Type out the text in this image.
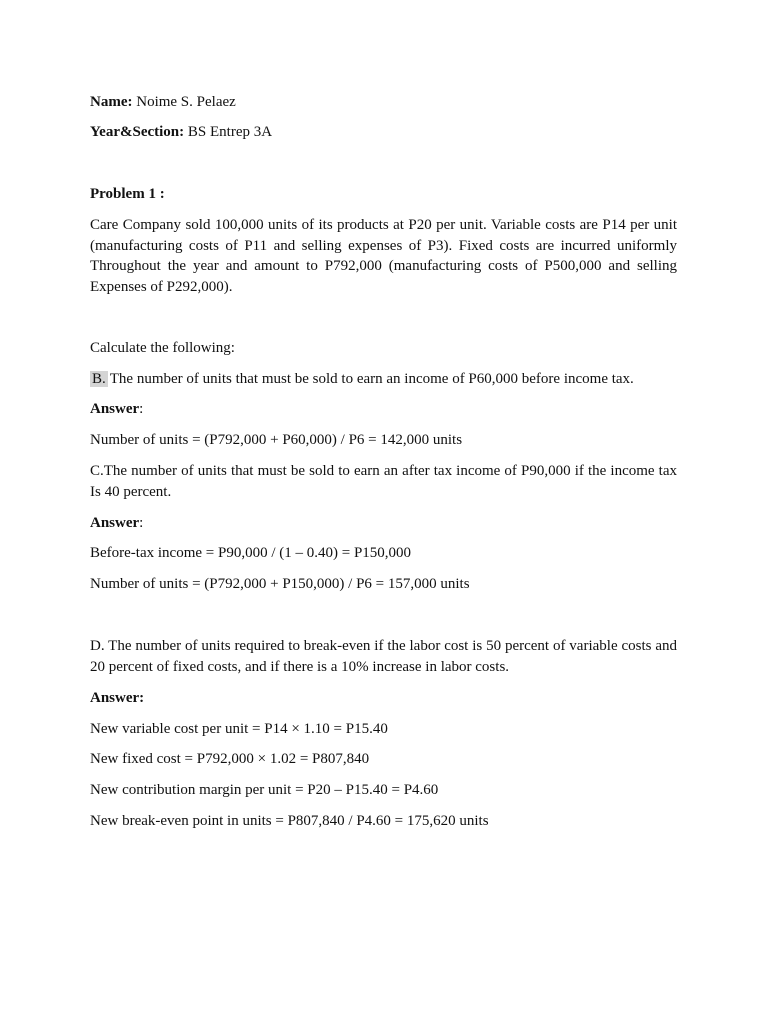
Name: Noime S. Pelaez
Year&Section: BS Entrep 3A
Problem 1 :
Care Company sold 100,000 units of its products at P20 per unit. Variable costs are P14 per unit
(manufacturing costs of P11 and selling expenses of P3). Fixed costs are incurred uniformly
Throughout the year and amount to P792,000 (manufacturing costs of P500,000 and selling
Expenses of P292,000).
Calculate the following:
B. The number of units that must be sold to earn an income of P60,000 before income tax.
Answer:
Number of units = (P792,000 + P60,000) / P6 = 142,000 units
C.The number of units that must be sold to earn an after tax income of P90,000 if the income tax
Is 40 percent.
Answer:
Before-tax income = P90,000 / (1 – 0.40) = P150,000
Number of units = (P792,000 + P150,000) / P6 = 157,000 units
D. The number of units required to break-even if the labor cost is 50 percent of variable costs and
20 percent of fixed costs, and if there is a 10% increase in labor costs.
Answer:
New variable cost per unit = P14 × 1.10 = P15.40
New fixed cost = P792,000 × 1.02 = P807,840
New contribution margin per unit = P20 – P15.40 = P4.60
New break-even point in units = P807,840 / P4.60 = 175,620 units
